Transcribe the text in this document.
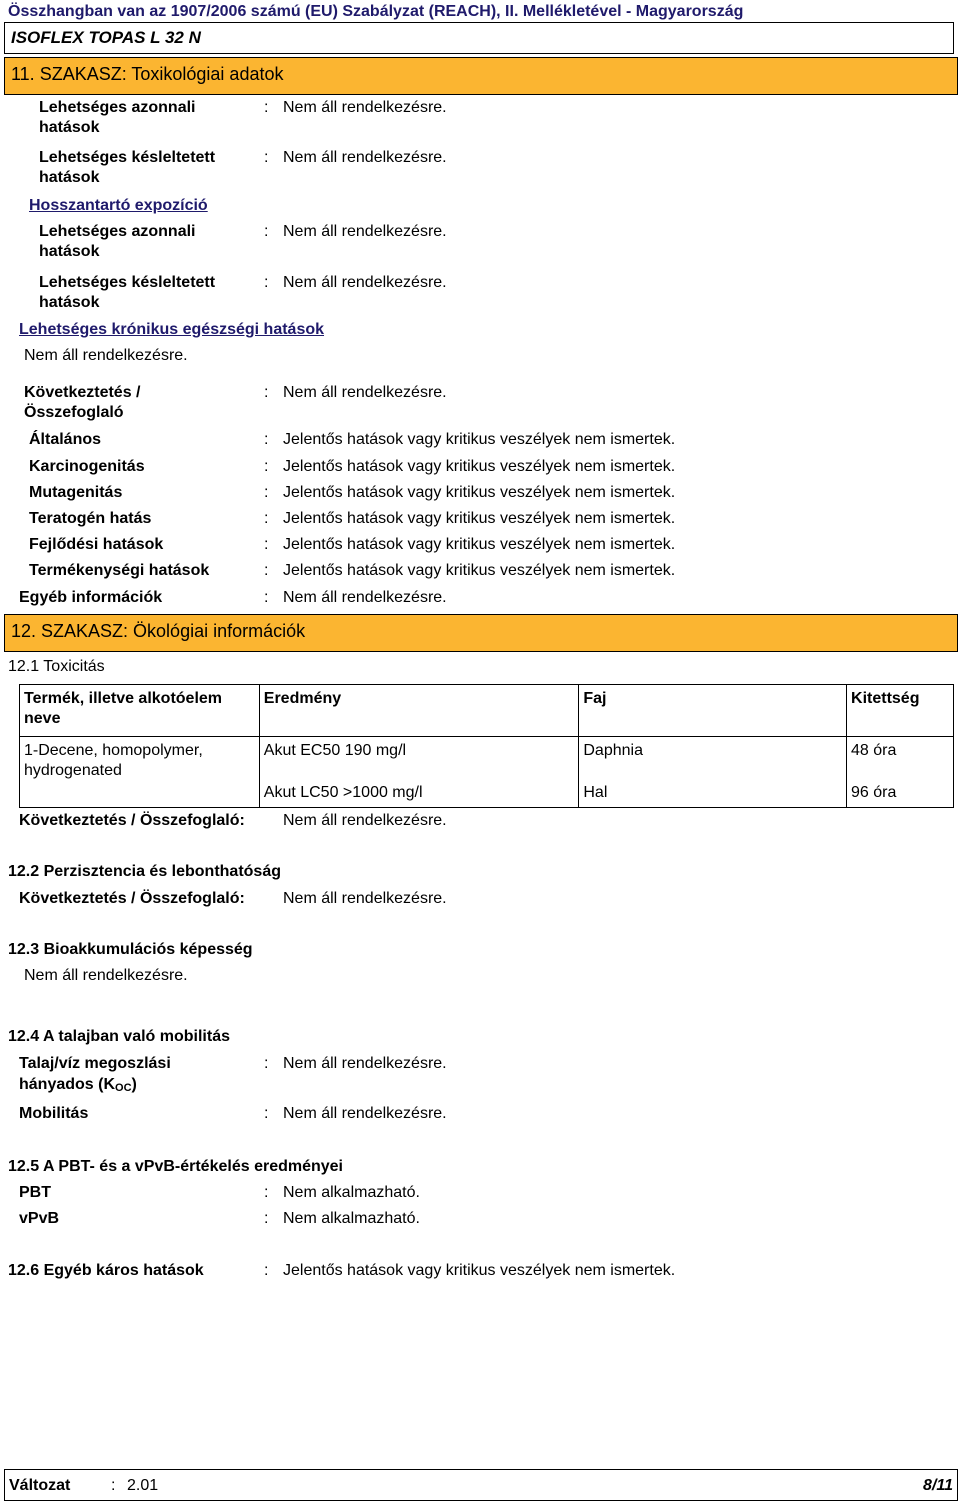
Összhangban van az 1907/2006 számú (EU) Szabályzat (REACH), II. Mellékletével - Magyarország
ISOFLEX TOPAS L 32 N
11. SZAKASZ: Toxikológiai adatok
Lehetséges azonnali
hatások
: Nem áll rendelkezésre.
Lehetséges késleltetett
hatások
: Nem áll rendelkezésre.
Hosszantartó expozíció
Lehetséges azonnali
hatások
: Nem áll rendelkezésre.
Lehetséges késleltetett
hatások
: Nem áll rendelkezésre.
Lehetséges krónikus egészségi hatások
Nem áll rendelkezésre.
Következtetés /
Összefoglaló
: Nem áll rendelkezésre.
Általános	: Jelentős hatások vagy kritikus veszélyek nem ismertek.
Karcinogenitás	: Jelentős hatások vagy kritikus veszélyek nem ismertek.
Mutagenitás	: Jelentős hatások vagy kritikus veszélyek nem ismertek.
Teratogén hatás	: Jelentős hatások vagy kritikus veszélyek nem ismertek.
Fejlődési hatások	: Jelentős hatások vagy kritikus veszélyek nem ismertek.
Termékenységi hatások	: Jelentős hatások vagy kritikus veszélyek nem ismertek.
Egyéb információk	: Nem áll rendelkezésre.
12. SZAKASZ: Ökológiai információk
12.1 Toxicitás
Termék, illetve alkotóelem neve	Eredmény	Faj	Kitettség
1-Decene, homopolymer, hydrogenated	Akut EC50 190 mg/l	Daphnia	48 óra
	Akut LC50 >1000 mg/l	Hal	96 óra
Következtetés / Összefoglaló: Nem áll rendelkezésre.
12.2 Perzisztencia és lebonthatóság
Következtetés / Összefoglaló: Nem áll rendelkezésre.
12.3 Bioakkumulációs képesség
Nem áll rendelkezésre.
12.4 A talajban való mobilitás
Talaj/víz megoszlási
hányados (KOC)
: Nem áll rendelkezésre.
Mobilitás	: Nem áll rendelkezésre.
12.5 A PBT- és a vPvB-értékelés eredményei
PBT	: Nem alkalmazható.
vPvB	: Nem alkalmazható.
12.6 Egyéb káros hatások	: Jelentős hatások vagy kritikus veszélyek nem ismertek.
Változat	: 2.01	8/11
